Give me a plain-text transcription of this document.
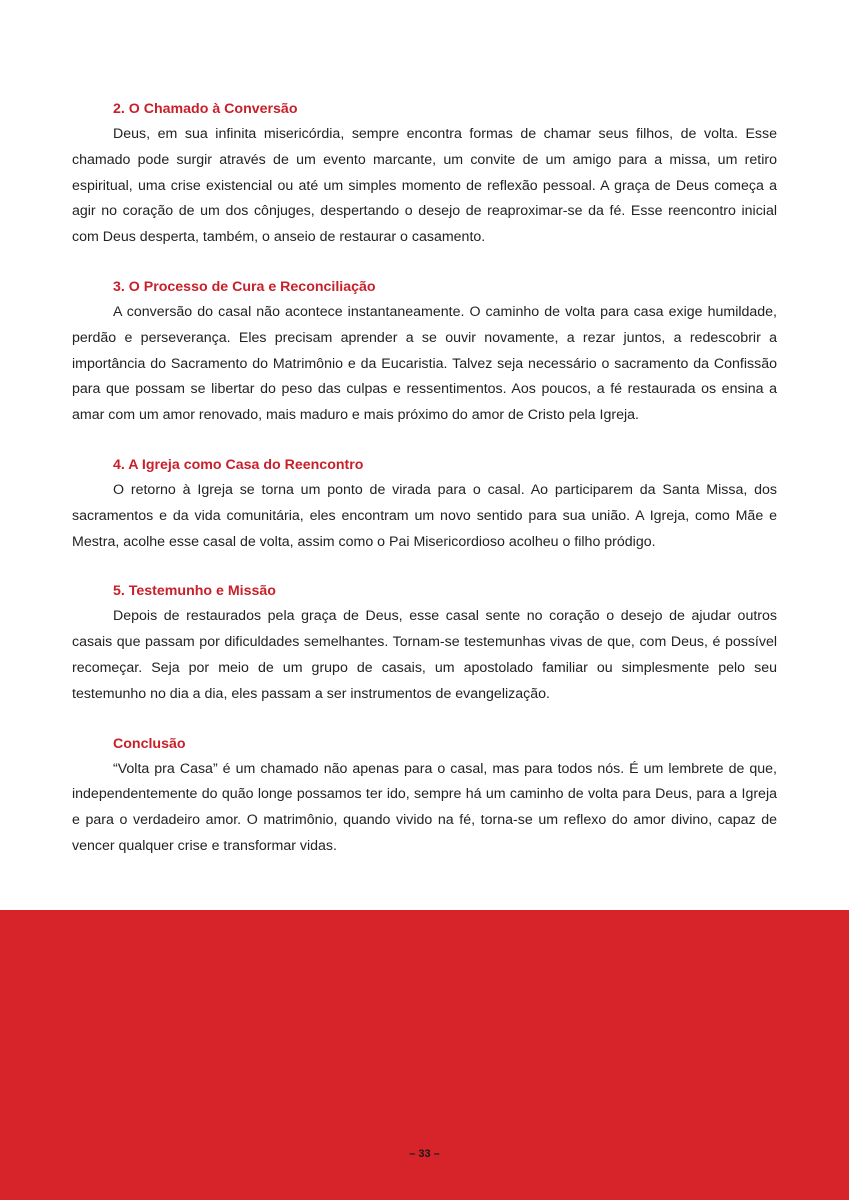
2. O Chamado à Conversão

Deus, em sua infinita misericórdia, sempre encontra formas de chamar seus filhos, de volta. Esse chamado pode surgir através de um evento marcante, um convite de um amigo para a missa, um retiro espiritual, uma crise existencial ou até um simples momento de reflexão pessoal. A graça de Deus começa a agir no coração de um dos cônjuges, despertando o desejo de reaproximar-se da fé. Esse reencontro inicial com Deus desperta, também, o anseio de restaurar o casamento.

3. O Processo de Cura e Reconciliação

A conversão do casal não acontece instantaneamente. O caminho de volta para casa exige humildade, perdão e perseverança. Eles precisam aprender a se ouvir novamente, a rezar juntos, a redescobrir a importância do Sacramento do Matrimônio e da Eucaristia. Talvez seja necessário o sacramento da Confissão para que possam se libertar do peso das culpas e ressentimentos. Aos poucos, a fé restaurada os ensina a amar com um amor renovado, mais maduro e mais próximo do amor de Cristo pela Igreja.

4. A Igreja como Casa do Reencontro

O retorno à Igreja se torna um ponto de virada para o casal. Ao participarem da Santa Missa, dos sacramentos e da vida comunitária, eles encontram um novo sentido para sua união. A Igreja, como Mãe e Mestra, acolhe esse casal de volta, assim como o Pai Misericordioso acolheu o filho pródigo.

5. Testemunho e Missão

Depois de restaurados pela graça de Deus, esse casal sente no coração o desejo de ajudar outros casais que passam por dificuldades semelhantes. Tornam-se testemunhas vivas de que, com Deus, é possível recomeçar. Seja por meio de um grupo de casais, um apostolado familiar ou simplesmente pelo seu testemunho no dia a dia, eles passam a ser instrumentos de evangelização.

Conclusão

“Volta pra Casa” é um chamado não apenas para o casal, mas para todos nós. É um lembrete de que, independentemente do quão longe possamos ter ido, sempre há um caminho de volta para Deus, para a Igreja e para o verdadeiro amor. O matrimônio, quando vivido na fé, torna-se um reflexo do amor divino, capaz de vencer qualquer crise e transformar vidas.

– 33 –
